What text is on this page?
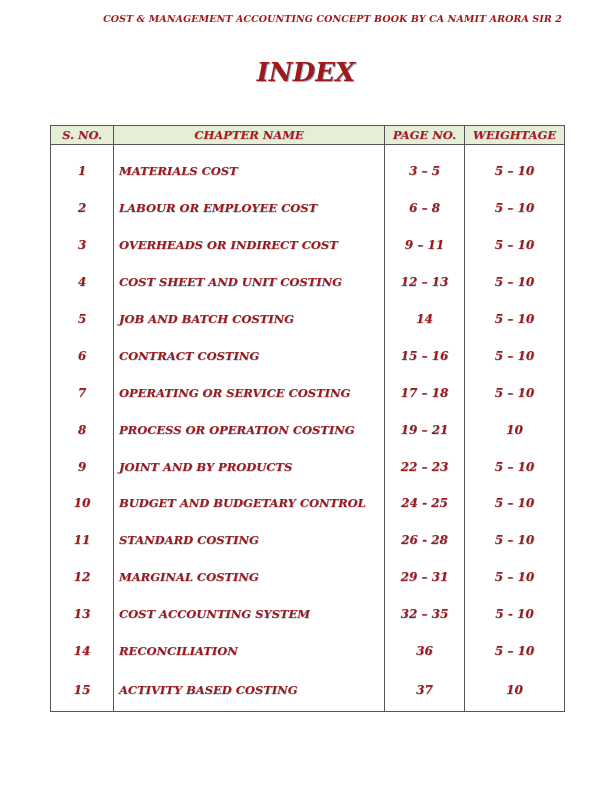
COST & MANAGEMENT ACCOUNTING CONCEPT BOOK BY CA NAMIT ARORA SIR 2
INDEX
S. NO.	CHAPTER NAME	PAGE NO.	WEIGHTAGE

1	MATERIALS COST	3 – 5	5 – 10
2	LABOUR OR EMPLOYEE COST	6 – 8	5 – 10
3	OVERHEADS OR INDIRECT COST	9 – 11	5 – 10
4	COST SHEET AND UNIT COSTING	12 – 13	5 – 10
5	JOB AND BATCH COSTING	14	5 – 10
6	CONTRACT COSTING	15 – 16	5 – 10
7	OPERATING OR SERVICE COSTING	17 – 18	5 – 10
8	PROCESS OR OPERATION COSTING	19 – 21	10
9	JOINT AND BY PRODUCTS	22 – 23	5 – 10
10	BUDGET AND BUDGETARY CONTROL	24 - 25	5 – 10
11	STANDARD COSTING	26 - 28	5 – 10
12	MARGINAL COSTING	29 – 31	5 – 10
13	COST ACCOUNTING SYSTEM	32 – 35	5 - 10
14	RECONCILIATION	36	5 – 10
15	ACTIVITY BASED COSTING	37	10
